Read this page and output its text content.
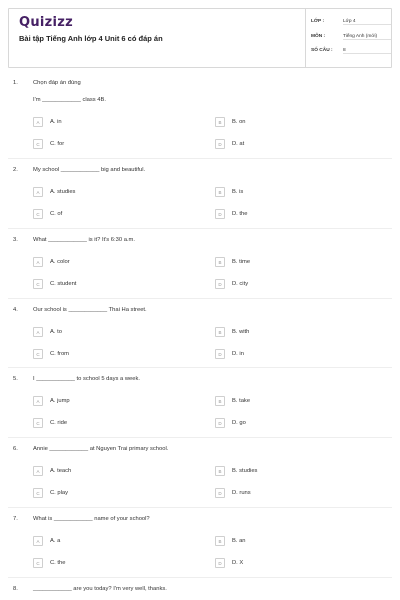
Quizizz
Bài tập Tiếng Anh lớp 4 Unit 6 có đáp án
LỚP :	Lớp 4
MÔN :	Tiếng Anh (mới)
SỐ CÂU : 8
1.	Chọn đáp án đúng
I'm ____________ class 4B.
A	A. in	B	B. on
C	C. for	D	D. at
2.	My school ____________ big and beautiful.
A	A. studies	B	B. is
C	C. of	D	D. the
3.	What ____________ is it? It's 6:30 a.m.
A	A. color	B	B. time
C	C. student	D	D. city
4.	Our school is ____________ Thai Ha street.
A	A. to	B	B. with
C	C. from	D	D. in
5.	I ____________ to school 5 days a week.
A	A. jump	B	B. take
C	C. ride	D	D. go
6.	Annie ____________ at Nguyen Trai primary school.
A	A. teach	B	B. studies
C	C. play	D	D. runs
7.	What is ____________ name of your school?
A	A. a	B	B. an
C	C. the	D	D. X
8.	____________ are you today? I'm very well, thanks.
